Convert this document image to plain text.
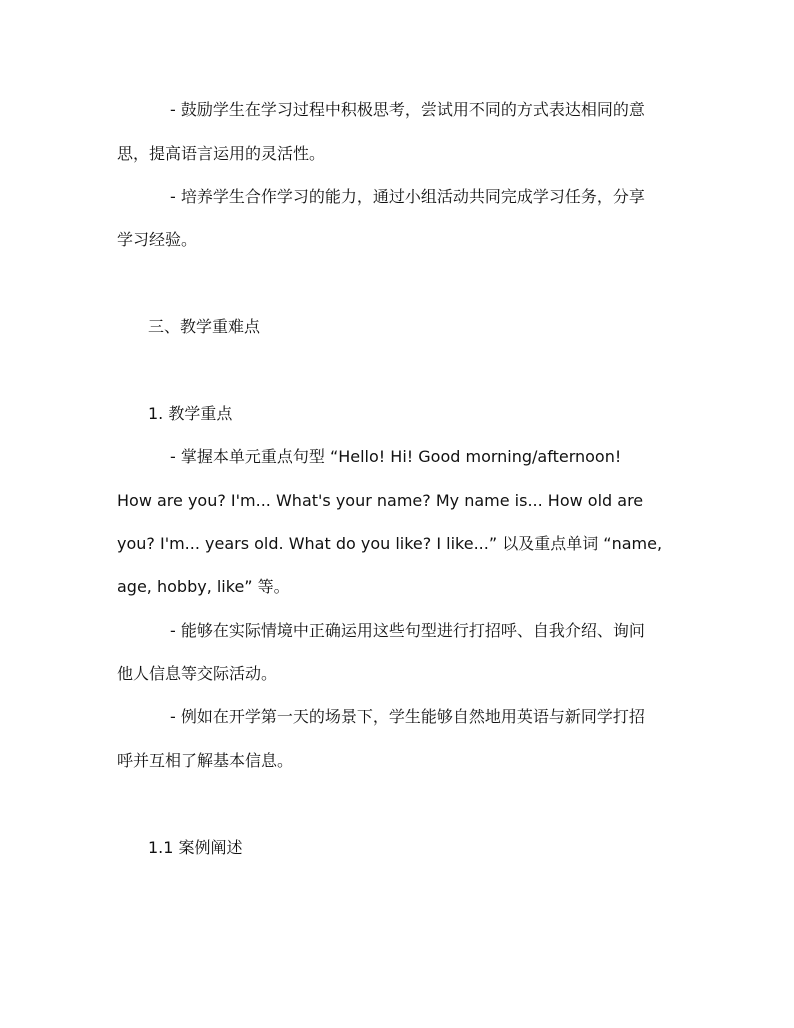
- 鼓励学生在学习过程中积极思考，尝试用不同的方式表达相同的意
思，提高语言运用的灵活性。
- 培养学生合作学习的能力，通过小组活动共同完成学习任务，分享
学习经验。
三、教学重难点
1. 教学重点
- 掌握本单元重点句型 “Hello! Hi! Good morning/afternoon!
How are you? I'm... What's your name? My name is... How old are
you? I'm... years old. What do you like? I like...” 以及重点单词 “name,
age, hobby, like” 等。
- 能够在实际情境中正确运用这些句型进行打招呼、自我介绍、询问
他人信息等交际活动。
- 例如在开学第一天的场景下，学生能够自然地用英语与新同学打招
呼并互相了解基本信息。
1.1 案例阐述
